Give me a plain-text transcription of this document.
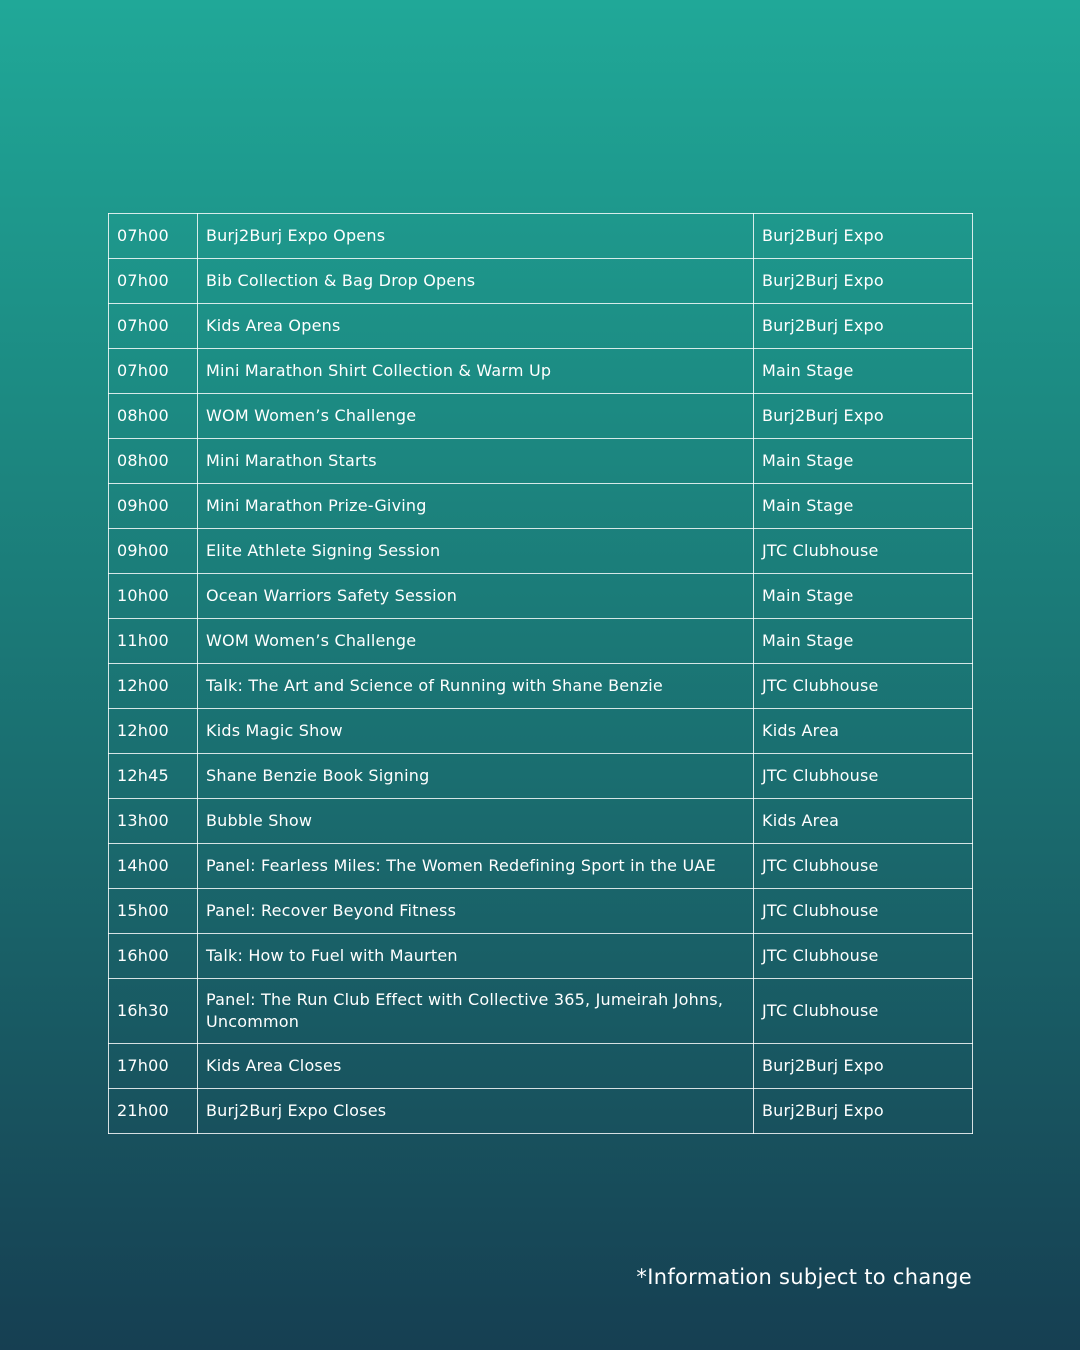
07h00	Burj2Burj Expo Opens	Burj2Burj Expo
07h00	Bib Collection & Bag Drop Opens	Burj2Burj Expo
07h00	Kids Area Opens	Burj2Burj Expo
07h00	Mini Marathon Shirt Collection & Warm Up	Main Stage
08h00	WOM Women’s Challenge	Burj2Burj Expo
08h00	Mini Marathon Starts	Main Stage
09h00	Mini Marathon Prize-Giving	Main Stage
09h00	Elite Athlete Signing Session	JTC Clubhouse
10h00	Ocean Warriors Safety Session	Main Stage
11h00	WOM Women’s Challenge	Main Stage
12h00	Talk: The Art and Science of Running with Shane Benzie	JTC Clubhouse
12h00	Kids Magic Show	Kids Area
12h45	Shane Benzie Book Signing	JTC Clubhouse
13h00	Bubble Show	Kids Area
14h00	Panel: Fearless Miles: The Women Redefining Sport in the UAE	JTC Clubhouse
15h00	Panel: Recover Beyond Fitness	JTC Clubhouse
16h00	Talk: How to Fuel with Maurten	JTC Clubhouse
16h30	Panel: The Run Club Effect with Collective 365, Jumeirah Johns, Uncommon	JTC Clubhouse
17h00	Kids Area Closes	Burj2Burj Expo
21h00	Burj2Burj Expo Closes	Burj2Burj Expo
*Information subject to change
